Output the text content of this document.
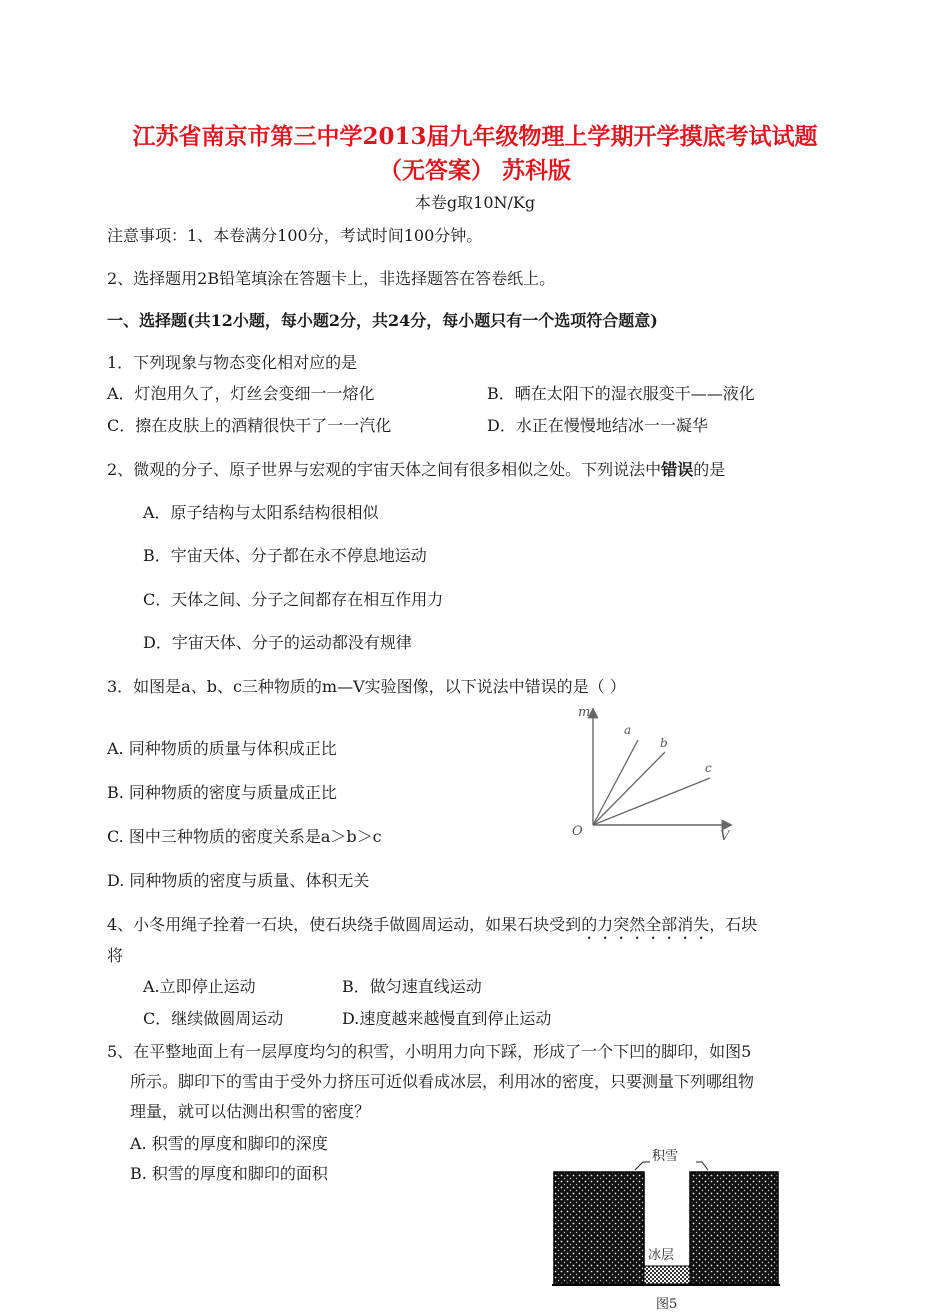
江苏省南京市第三中学2013届九年级物理上学期开学摸底考试试题
（无答案） 苏科版
本卷g取10N/Kg
注意事项：1、本卷满分100分，考试时间100分钟。
2、选择题用2B铅笔填涂在答题卡上，非选择题答在答卷纸上。
一、选择题(共12小题，每小题2分，共24分，每小题只有一个选项符合题意)
1．下列现象与物态变化相对应的是
A．灯泡用久了，灯丝会变细一一熔化	B．晒在太阳下的湿衣服变干——液化
C．擦在皮肤上的酒精很快干了一一汽化	D．水正在慢慢地结冰一一凝华
2、微观的分子、原子世界与宏观的宇宙天体之间有很多相似之处。下列说法中错误的是
A．原子结构与太阳系结构很相似
B．宇宙天体、分子都在永不停息地运动
C．天体之间、分子之间都存在相互作用力
D．宇宙天体、分子的运动都没有规律
3．如图是a、b、c三种物质的m—V实验图像，以下说法中错误的是（ ）
A. 同种物质的质量与体积成正比
B. 同种物质的密度与质量成正比
C. 图中三种物质的密度关系是a＞b＞c
D. 同种物质的密度与质量、体积无关
m
V
O
a
b
c
4、小冬用绳子拴着一石块，使石块绕手做圆周运动，如果石块受到的力突然全部消失，石块
将
A.立即停止运动	B．做匀速直线运动
C．继续做圆周运动	D.速度越来越慢直到停止运动
5、在平整地面上有一层厚度均匀的积雪，小明用力向下踩，形成了一个下凹的脚印，如图5
所示。脚印下的雪由于受外力挤压可近似看成冰层，利用冰的密度，只要测量下列哪组物
理量，就可以估测出积雪的密度？
A. 积雪的厚度和脚印的深度
B. 积雪的厚度和脚印的面积
积雪
冰层
图5
